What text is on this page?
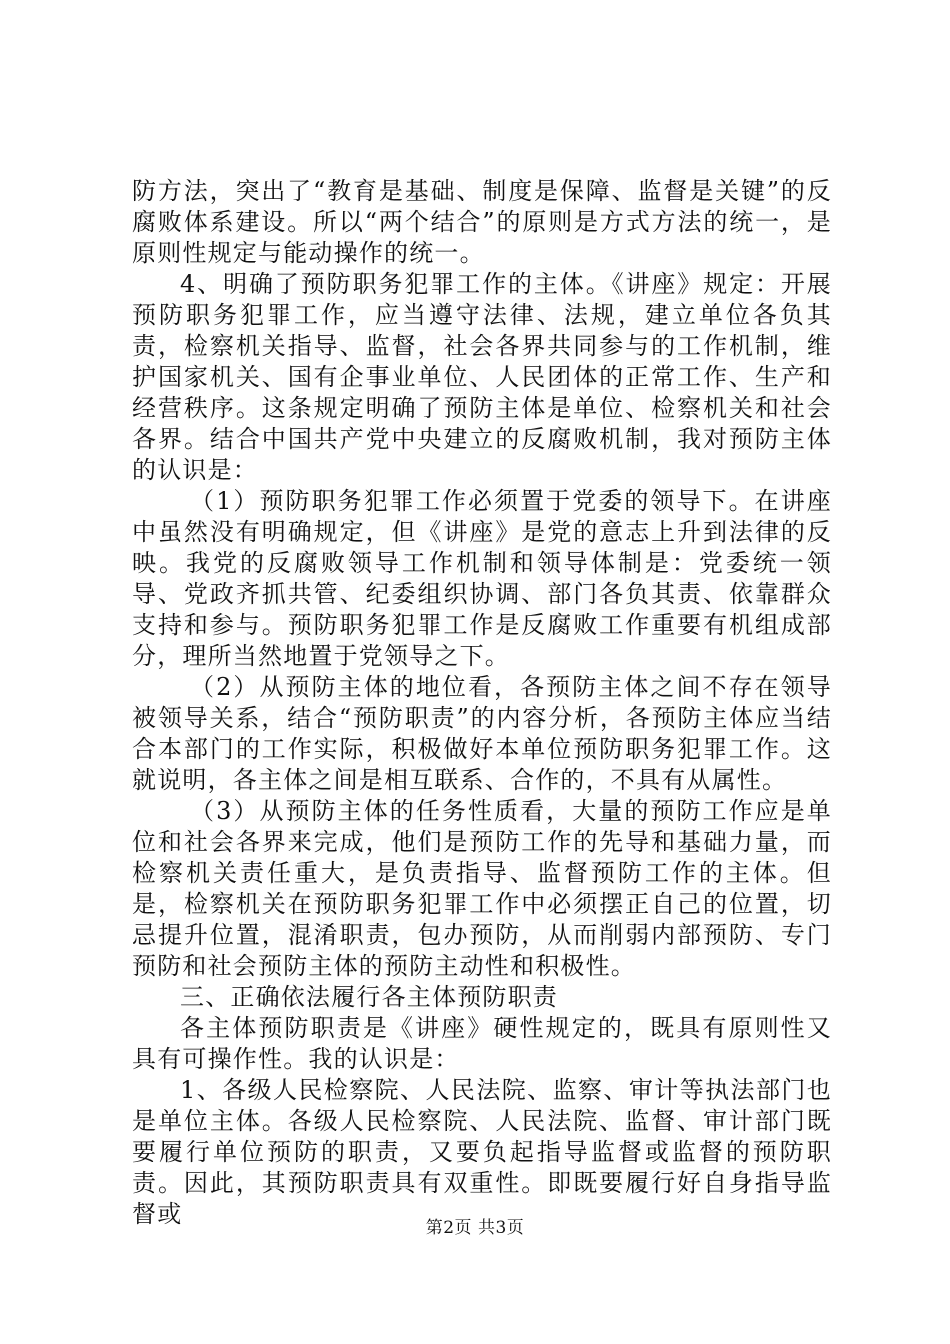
防方法，突出了“教育是基础、制度是保障、监督是关键”的反腐败体系建设。所以“两个结合”的原则是方式方法的统一，是原则性规定与能动操作的统一。

4、明确了预防职务犯罪工作的主体。《讲座》规定：开展预防职务犯罪工作，应当遵守法律、法规，建立单位各负其责，检察机关指导、监督，社会各界共同参与的工作机制，维护国家机关、国有企事业单位、人民团体的正常工作、生产和经营秩序。这条规定明确了预防主体是单位、检察机关和社会各界。结合中国共产党中央建立的反腐败机制，我对预防主体的认识是：

（1）预防职务犯罪工作必须置于党委的领导下。在讲座中虽然没有明确规定，但《讲座》是党的意志上升到法律的反映。我党的反腐败领导工作机制和领导体制是：党委统一领导、党政齐抓共管、纪委组织协调、部门各负其责、依靠群众支持和参与。预防职务犯罪工作是反腐败工作重要有机组成部分，理所当然地置于党领导之下。

（2）从预防主体的地位看，各预防主体之间不存在领导被领导关系，结合“预防职责”的内容分析，各预防主体应当结合本部门的工作实际，积极做好本单位预防职务犯罪工作。这就说明，各主体之间是相互联系、合作的，不具有从属性。

（3）从预防主体的任务性质看，大量的预防工作应是单位和社会各界来完成，他们是预防工作的先导和基础力量，而检察机关责任重大，是负责指导、监督预防工作的主体。但是，检察机关在预防职务犯罪工作中必须摆正自己的位置，切忌提升位置，混淆职责，包办预防，从而削弱内部预防、专门预防和社会预防主体的预防主动性和积极性。

三、正确依法履行各主体预防职责

各主体预防职责是《讲座》硬性规定的，既具有原则性又具有可操作性。我的认识是：

1、各级人民检察院、人民法院、监察、审计等执法部门也是单位主体。各级人民检察院、人民法院、监督、审计部门既要履行单位预防的职责，又要负起指导监督或监督的预防职责。因此，其预防职责具有双重性。即既要履行好自身指导监督或	第2页 共3页
